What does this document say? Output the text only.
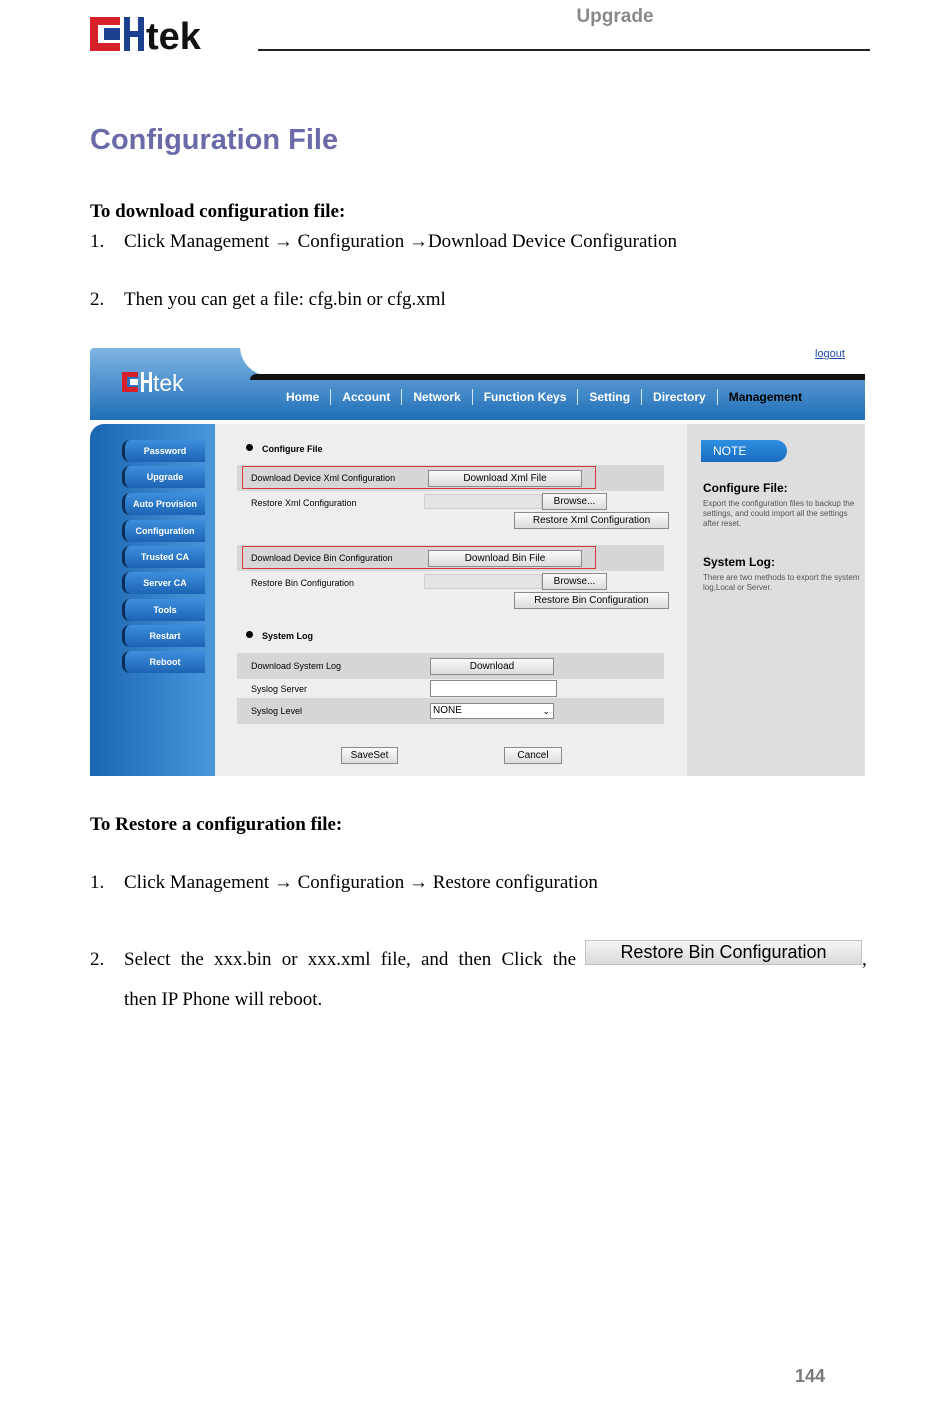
tek	Upgrade
Configuration File
To download configuration file:
1. Click Management → Configuration →Download Device Configuration
2. Then you can get a file: cfg.bin or cfg.xml
logout
tek
Home	Account	Network	Function Keys	Setting	Directory	Management
Password
Upgrade
Auto Provision
Configuration
Trusted CA
Server CA
Tools
Restart
Reboot
Configure File
Download Device Xml Configuration	Download Xml File
Restore Xml Configuration	Browse...
Restore Xml Configuration
Download Device Bin Configuration	Download Bin File
Restore Bin Configuration	Browse...
Restore Bin Configuration
System Log
Download System Log	Download
Syslog Server
Syslog Level	NONE	⌄
SaveSet	Cancel
NOTE
Configure File:
Export the configuration files to backup the settings, and could import all the settings after reset.
System Log:
There are two methods to export the system log,Local or Server.
To Restore a configuration file:
1. Click Management → Configuration → Restore configuration
2. Select the xxx.bin or xxx.xml file, and then Click the	Restore Bin Configuration	,
then IP Phone will reboot.
144
